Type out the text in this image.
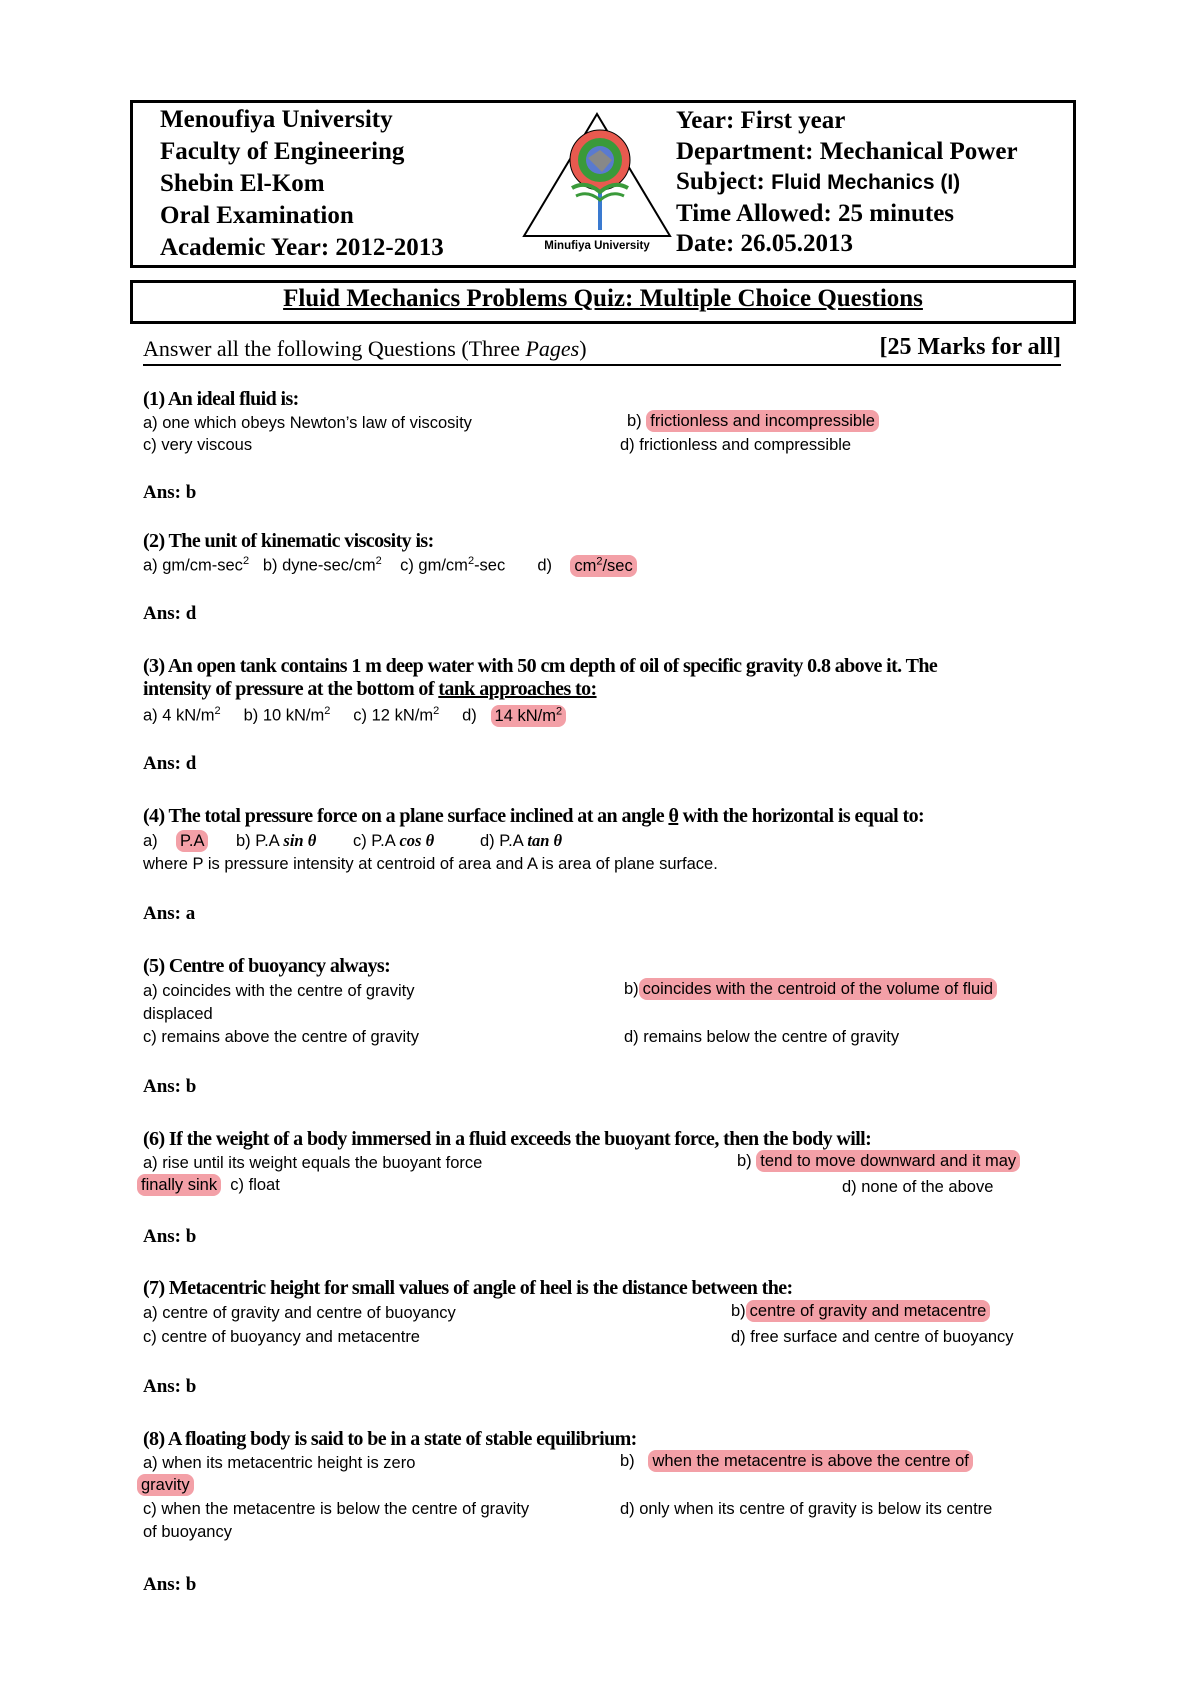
Menoufiya University
Faculty of Engineering
Shebin El-Kom
Oral Examination
Academic Year: 2012-2013	Minufiya University
Year: First year
Department: Mechanical Power
Subject: Fluid Mechanics (I)
Time Allowed: 25 minutes
Date: 26.05.2013
Fluid Mechanics Problems Quiz: Multiple Choice Questions
Answer all the following Questions (Three Pages)	[25 Marks for all]
(1) An ideal fluid is:
a) one which obeys Newton’s law of viscosity	b) frictionless and incompressible
c) very viscous	d) frictionless and compressible
Ans: b
(2) The unit of kinematic viscosity is:
a) $gm/cm-\sec^2$ b) dyne-$\sec/cm^2$ c) $gm/cm^2-\sec$ d) $cm^2/\sec$
Ans: d
(3) An open tank contains 1 m deep water with 50 cm depth of oil of specific gravity 0.8 above it. The
intensity of pressure at the bottom of tank approaches to:
a) 4 $kN/m^2$ b) 10 $kN/m^2$ c) 12 $kN/m^2$ d) 14 $kN/m^2$
Ans: d
(4) The total pressure force on a plane surface inclined at an angle θ with the horizontal is equal to:
a) P.A b) P.A sin θ c) P.A cos θ	d) P.A tan θ
where P is pressure intensity at centroid of area and A is area of plane surface.
Ans: a
(5) Centre of buoyancy always:
a) coincides with the centre of gravity	b) coincides with the centroid of the volume of fluid
displaced
c) remains above the centre of gravity	d) remains below the centre of gravity
Ans: b
(6) If the weight of a body immersed in a fluid exceeds the buoyant force, then the body will:
a) rise until its weight equals the buoyant force	b) tend to move downward and it may
finally sink c) float	d) none of the above
Ans: b
(7) Metacentric height for small values of angle of heel is the distance between the:
a) centre of gravity and centre of buoyancy	b) centre of gravity and metacentre
c) centre of buoyancy and metacentre	d) free surface and centre of buoyancy
Ans: b
(8) A floating body is said to be in a state of stable equilibrium:
a) when its metacentric height is zero	b) when the metacentre is above the centre of
gravity
c) when the metacentre is below the centre of gravity	d) only when its centre of gravity is below its centre
of buoyancy
Ans: b
